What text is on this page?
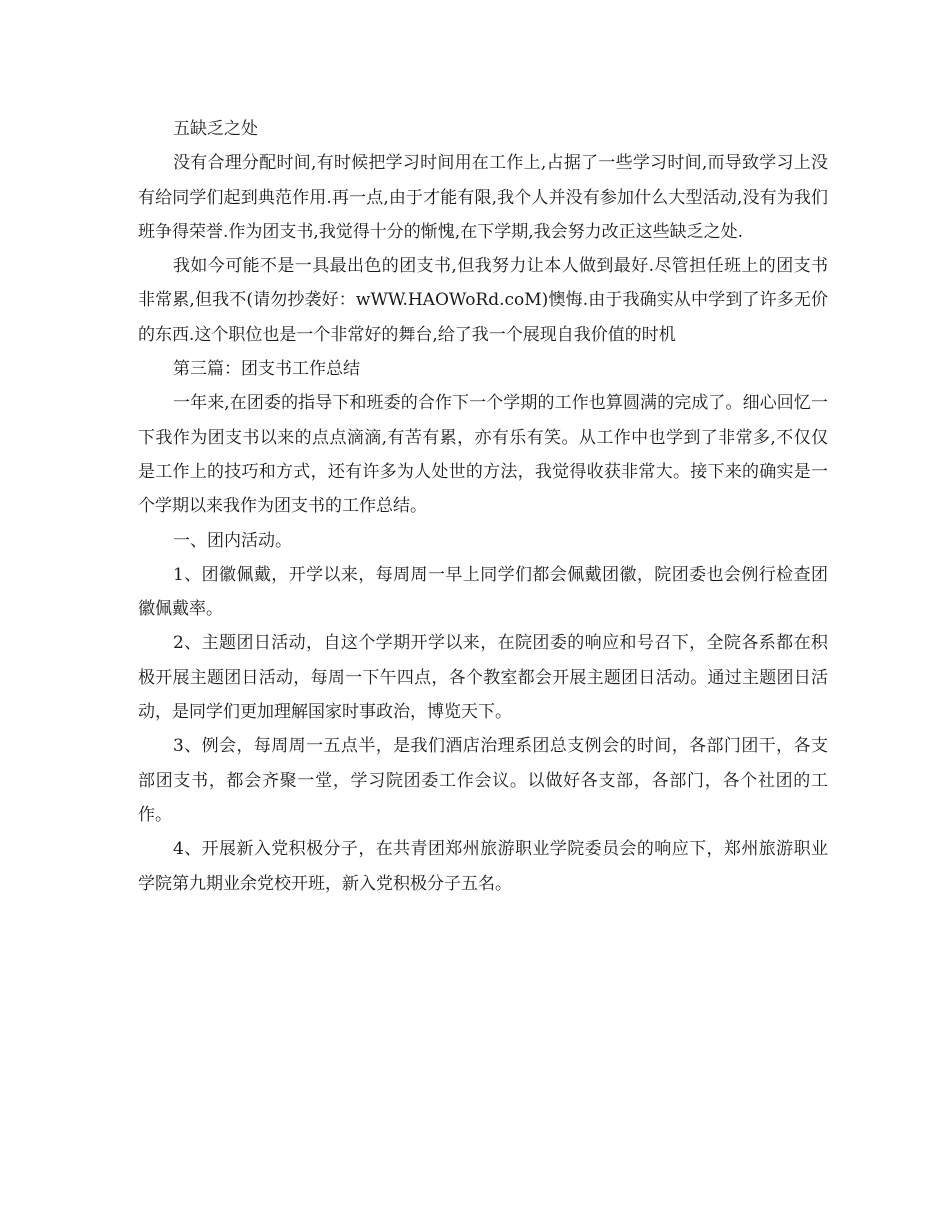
五缺乏之处

没有合理分配时间,有时候把学习时间用在工作上,占据了一些学习时间,而导致学习上没有给同学们起到典范作用.再一点,由于才能有限,我个人并没有参加什么大型活动,没有为我们班争得荣誉.作为团支书,我觉得十分的惭愧,在下学期,我会努力改正这些缺乏之处.

我如今可能不是一具最出色的团支书,但我努力让本人做到最好.尽管担任班上的团支书非常累,但我不(请勿抄袭好：wWW.HAOWoRd.coM)懊悔.由于我确实从中学到了许多无价的东西.这个职位也是一个非常好的舞台,给了我一个展现自我价值的时机

第三篇：团支书工作总结

一年来,在团委的指导下和班委的合作下一个学期的工作也算圆满的完成了。细心回忆一下我作为团支书以来的点点滴滴,有苦有累，亦有乐有笑。从工作中也学到了非常多,不仅仅是工作上的技巧和方式，还有许多为人处世的方法，我觉得收获非常大。接下来的确实是一个学期以来我作为团支书的工作总结。

一、团内活动。

1、团徽佩戴，开学以来，每周周一早上同学们都会佩戴团徽，院团委也会例行检查团徽佩戴率。

2、主题团日活动，自这个学期开学以来，在院团委的响应和号召下，全院各系都在积极开展主题团日活动，每周一下午四点，各个教室都会开展主题团日活动。通过主题团日活动，是同学们更加理解国家时事政治，博览天下。

3、例会，每周周一五点半，是我们酒店治理系团总支例会的时间，各部门团干，各支部团支书，都会齐聚一堂，学习院团委工作会议。以做好各支部，各部门，各个社团的工作。

4、开展新入党积极分子，在共青团郑州旅游职业学院委员会的响应下，郑州旅游职业学院第九期业余党校开班，新入党积极分子五名。
